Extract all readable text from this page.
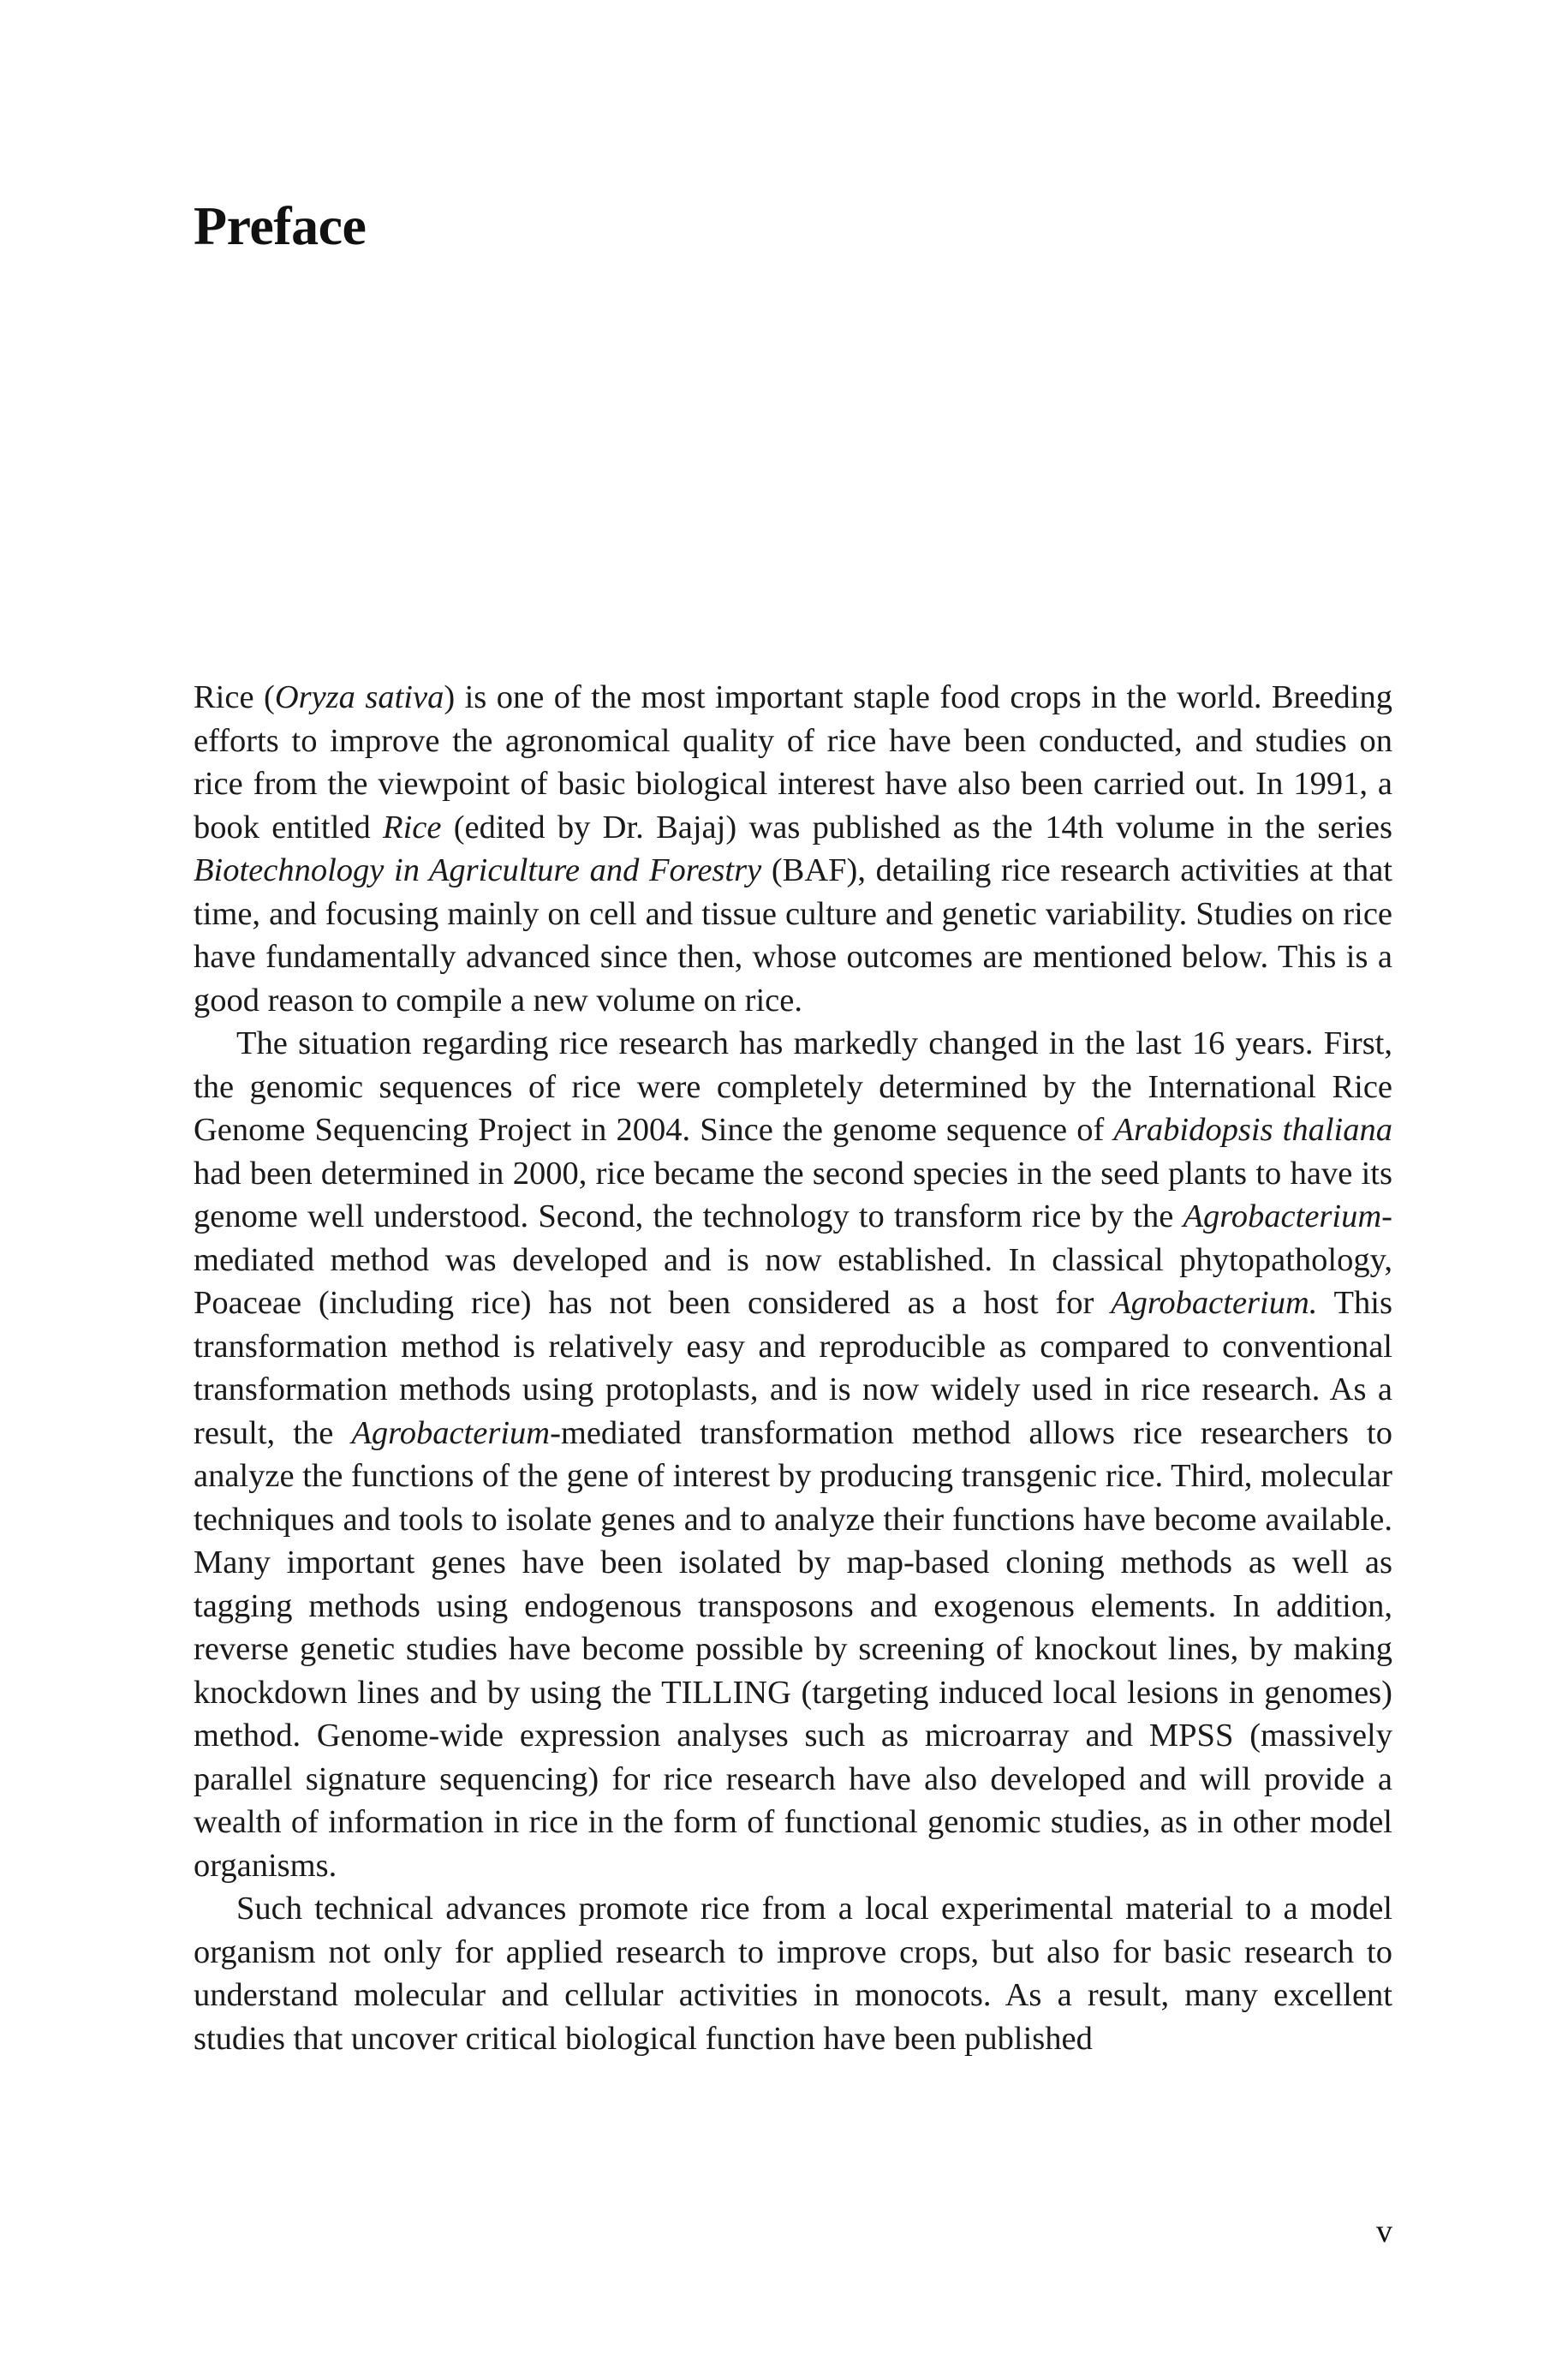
Preface

Rice (Oryza sativa) is one of the most important staple food crops in the world. Breeding efforts to improve the agronomical quality of rice have been conducted, and studies on rice from the viewpoint of basic biological interest have also been carried out. In 1991, a book entitled Rice (edited by Dr. Bajaj) was published as the 14th volume in the series Biotechnology in Agriculture and Forestry (BAF), detailing rice research activities at that time, and focusing mainly on cell and tissue culture and genetic variability. Studies on rice have fundamentally advanced since then, whose outcomes are mentioned below. This is a good reason to compile a new volume on rice.

The situation regarding rice research has markedly changed in the last 16 years. First, the genomic sequences of rice were completely determined by the International Rice Genome Sequencing Project in 2004. Since the genome sequence of Arabidopsis thaliana had been determined in 2000, rice became the second species in the seed plants to have its genome well understood. Second, the technology to transform rice by the Agrobacterium-mediated method was developed and is now established. In classical phytopathology, Poaceae (including rice) has not been considered as a host for Agrobacterium. This transformation method is relatively easy and reproducible as compared to conventional transformation methods using protoplasts, and is now widely used in rice research. As a result, the Agrobacterium-mediated transformation method allows rice researchers to analyze the functions of the gene of interest by producing transgenic rice. Third, molecular techniques and tools to isolate genes and to analyze their functions have become available. Many important genes have been isolated by map-based cloning methods as well as tagging methods using endogenous transposons and exogenous elements. In addition, reverse genetic studies have become possible by screening of knockout lines, by making knockdown lines and by using the TILLING (targeting induced local lesions in genomes) method. Genome-wide expression analyses such as microarray and MPSS (massively parallel signature sequencing) for rice research have also developed and will provide a wealth of information in rice in the form of functional genomic studies, as in other model organisms.

Such technical advances promote rice from a local experimental material to a model organism not only for applied research to improve crops, but also for basic research to understand molecular and cellular activities in monocots. As a result, many excellent studies that uncover critical biological function have been published

v
